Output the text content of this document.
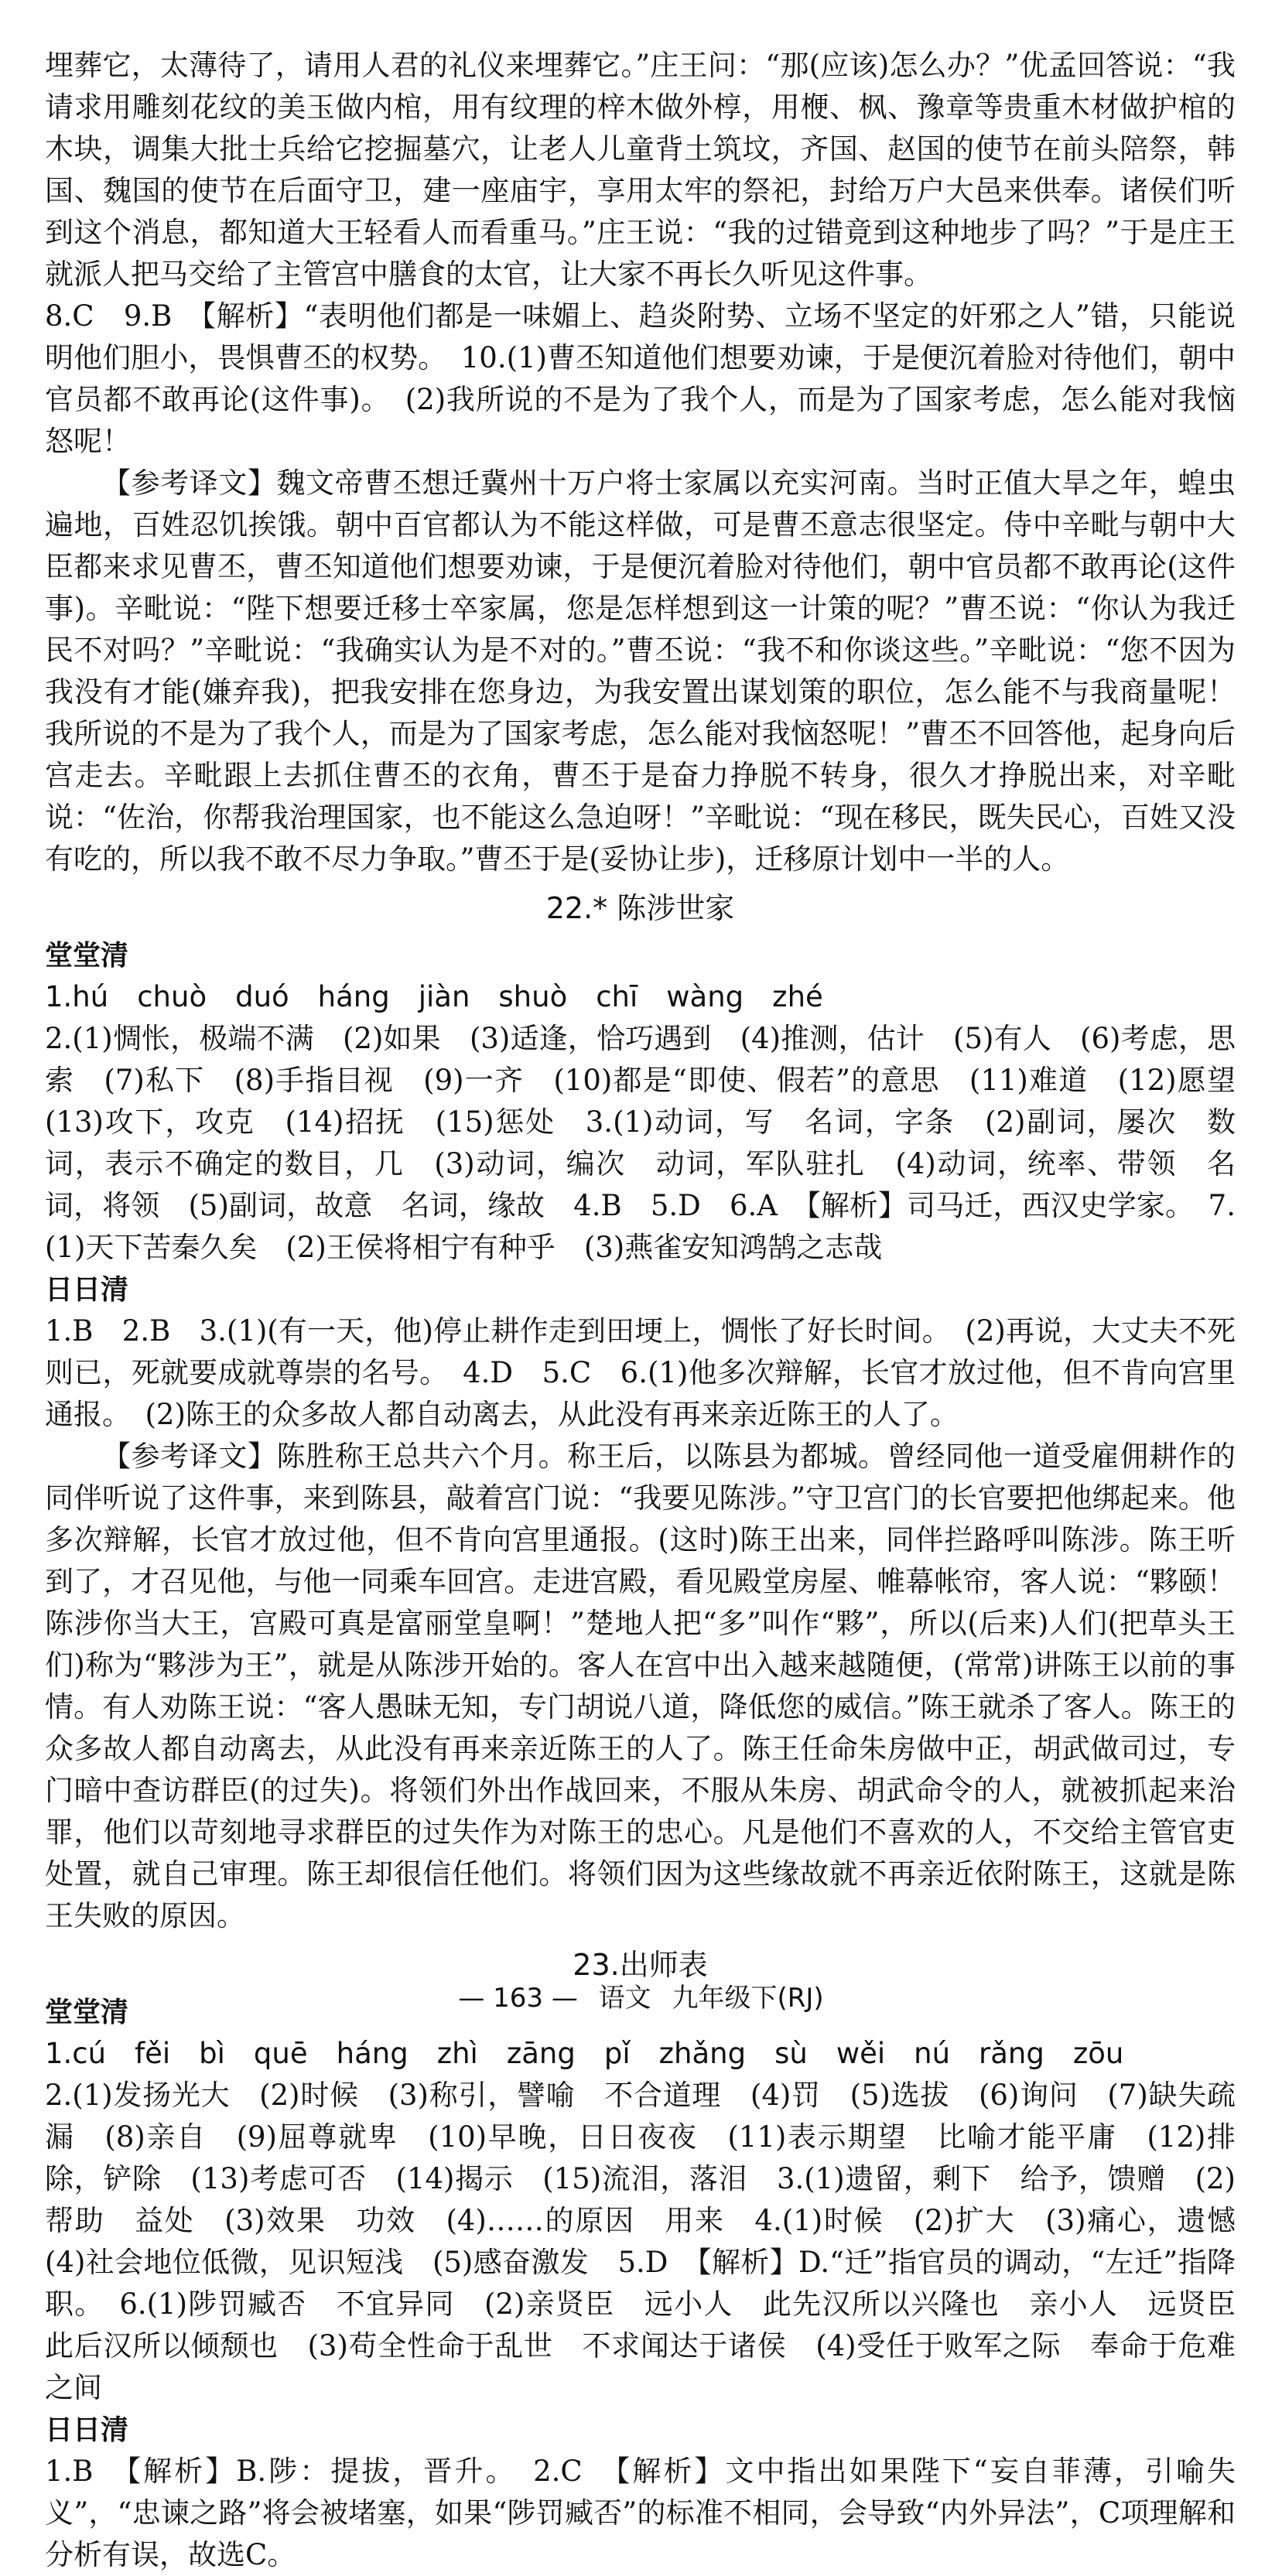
埋葬它，太薄待了，请用人君的礼仪来埋葬它。”庄王问：“那(应该)怎么办？”优孟回答说：“我请求用雕刻花纹的美玉做内棺，用有纹理的梓木做外椁，用楩、枫、豫章等贵重木材做护棺的木块，调集大批士兵给它挖掘墓穴，让老人儿童背土筑坟，齐国、赵国的使节在前头陪祭，韩国、魏国的使节在后面守卫，建一座庙宇，享用太牢的祭祀，封给万户大邑来供奉。诸侯们听到这个消息，都知道大王轻看人而看重马。”庄王说：“我的过错竟到这种地步了吗？”于是庄王就派人把马交给了主管宫中膳食的太官，让大家不再长久听见这件事。

8.C　9.B　【解析】“表明他们都是一味媚上、趋炎附势、立场不坚定的奸邪之人”错，只能说明他们胆小，畏惧曹丕的权势。　10.(1)曹丕知道他们想要劝谏，于是便沉着脸对待他们，朝中官员都不敢再论(这件事)。　(2)我所说的不是为了我个人，而是为了国家考虑，怎么能对我恼怒呢！

【参考译文】魏文帝曹丕想迁冀州十万户将士家属以充实河南。当时正值大旱之年，蝗虫遍地，百姓忍饥挨饿。朝中百官都认为不能这样做，可是曹丕意志很坚定。侍中辛毗与朝中大臣都来求见曹丕，曹丕知道他们想要劝谏，于是便沉着脸对待他们，朝中官员都不敢再论(这件事)。辛毗说：“陛下想要迁移士卒家属，您是怎样想到这一计策的呢？”曹丕说：“你认为我迁民不对吗？”辛毗说：“我确实认为是不对的。”曹丕说：“我不和你谈这些。”辛毗说：“您不因为我没有才能(嫌弃我)，把我安排在您身边，为我安置出谋划策的职位，怎么能不与我商量呢！我所说的不是为了我个人，而是为了国家考虑，怎么能对我恼怒呢！”曹丕不回答他，起身向后宫走去。辛毗跟上去抓住曹丕的衣角，曹丕于是奋力挣脱不转身，很久才挣脱出来，对辛毗说：“佐治，你帮我治理国家，也不能这么急迫呀！”辛毗说：“现在移民，既失民心，百姓又没有吃的，所以我不敢不尽力争取。”曹丕于是(妥协让步)，迁移原计划中一半的人。

22.* 陈涉世家
堂堂清

1.hú　chuò　duó　háng　jiàn　shuò　chī　wàng　zhé

2.(1)惆怅，极端不满　(2)如果　(3)适逢，恰巧遇到　(4)推测，估计　(5)有人　(6)考虑，思索　(7)私下　(8)手指目视　(9)一齐　(10)都是“即使、假若”的意思　(11)难道　(12)愿望　(13)攻下，攻克　(14)招抚　(15)惩处　3.(1)动词，写　名词，字条　(2)副词，屡次　数词，表示不确定的数目，几　(3)动词，编次　动词，军队驻扎　(4)动词，统率、带领　名词，将领　(5)副词，故意　名词，缘故　4.B　5.D　6.A　【解析】司马迁，西汉史学家。　7.(1)天下苦秦久矣　(2)王侯将相宁有种乎　(3)燕雀安知鸿鹄之志哉

日日清

1.B　2.B　3.(1)(有一天，他)停止耕作走到田埂上，惆怅了好长时间。　(2)再说，大丈夫不死则已，死就要成就尊崇的名号。　4.D　5.C　6.(1)他多次辩解，长官才放过他，但不肯向宫里通报。　(2)陈王的众多故人都自动离去，从此没有再来亲近陈王的人了。

【参考译文】陈胜称王总共六个月。称王后，以陈县为都城。曾经同他一道受雇佣耕作的同伴听说了这件事，来到陈县，敲着宫门说：“我要见陈涉。”守卫宫门的长官要把他绑起来。他多次辩解，长官才放过他，但不肯向宫里通报。(这时)陈王出来，同伴拦路呼叫陈涉。陈王听到了，才召见他，与他一同乘车回宫。走进宫殿，看见殿堂房屋、帷幕帐帘，客人说：“夥颐！陈涉你当大王，宫殿可真是富丽堂皇啊！”楚地人把“多”叫作“夥”，所以(后来)人们(把草头王们)称为“夥涉为王”，就是从陈涉开始的。客人在宫中出入越来越随便，(常常)讲陈王以前的事情。有人劝陈王说：“客人愚昧无知，专门胡说八道，降低您的威信。”陈王就杀了客人。陈王的众多故人都自动离去，从此没有再来亲近陈王的人了。陈王任命朱房做中正，胡武做司过，专门暗中查访群臣(的过失)。将领们外出作战回来，不服从朱房、胡武命令的人，就被抓起来治罪，他们以苛刻地寻求群臣的过失作为对陈王的忠心。凡是他们不喜欢的人，不交给主管官吏处置，就自己审理。陈王却很信任他们。将领们因为这些缘故就不再亲近依附陈王，这就是陈王失败的原因。

23.出师表
堂堂清

1.cú　fěi　bì　quē　háng　zhì　zāng　pǐ　zhǎng　sù　wěi　nú　rǎng　zōu

2.(1)发扬光大　(2)时候　(3)称引，譬喻　不合道理　(4)罚　(5)选拔　(6)询问　(7)缺失疏漏　(8)亲自　(9)屈尊就卑　(10)早晚，日日夜夜　(11)表示期望　比喻才能平庸　(12)排除，铲除　(13)考虑可否　(14)揭示　(15)流泪，落泪　3.(1)遗留，剩下　给予，馈赠　(2)帮助　益处　(3)效果　功效　(4)……的原因　用来　4.(1)时候　(2)扩大　(3)痛心，遗憾　(4)社会地位低微，见识短浅　(5)感奋激发　5.D　【解析】D.“迁”指官员的调动，“左迁”指降职。　6.(1)陟罚臧否　不宜异同　(2)亲贤臣　远小人　此先汉所以兴隆也　亲小人　远贤臣　此后汉所以倾颓也　(3)苟全性命于乱世　不求闻达于诸侯　(4)受任于败军之际　奉命于危难之间

日日清

1.B　【解析】B.陟：提拔，晋升。　2.C　【解析】文中指出如果陛下“妄自菲薄，引喻失义”，“忠谏之路”将会被堵塞，如果“陟罚臧否”的标准不相同，会导致“内外异法”，C项理解和分析有误，故选C。

— 163 — 语文 九年级下(RJ)
